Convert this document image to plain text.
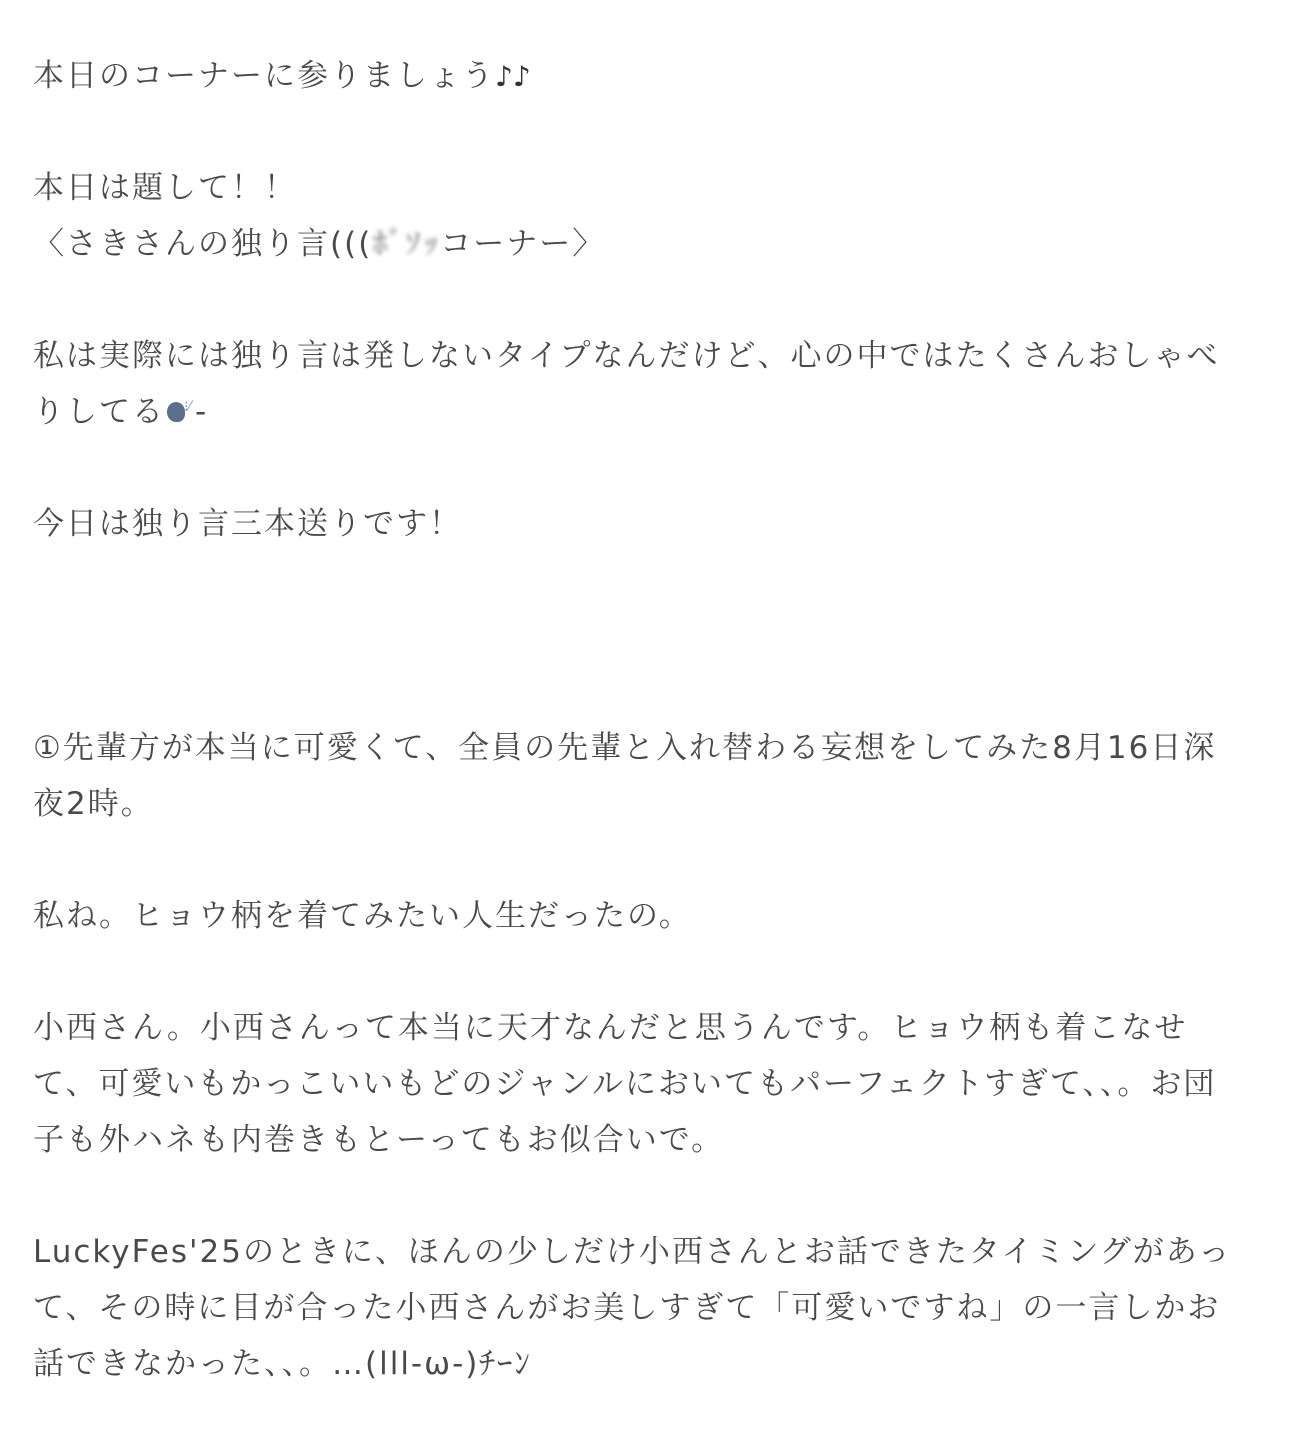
本日のコーナーに参りましょう♪♪
本日は題して！！
〈さきさんの独り言(((ﾎﾞｿｯコーナー〉
私は実際には独り言は発しないタイプなんだけど、心の中ではたくさんおしゃべ
りしてる ⁝⁄ -
今日は独り言三本送りです！
①先輩方が本当に可愛くて、全員の先輩と入れ替わる妄想をしてみた8月16日深
夜2時。
私ね。ヒョウ柄を着てみたい人生だったの。
小西さん。小西さんって本当に天才なんだと思うんです。ヒョウ柄も着こなせ
て、可愛いもかっこいいもどのジャンルにおいてもパーフェクトすぎて、、。お団
子も外ハネも内巻きもとーってもお似合いで。
LuckyFes'25のときに、ほんの少しだけ小西さんとお話できたタイミングがあっ
て、その時に目が合った小西さんがお美しすぎて「可愛いですね」の一言しかお
話できなかった、、。…(lll-ω-)ﾁｰﾝ
